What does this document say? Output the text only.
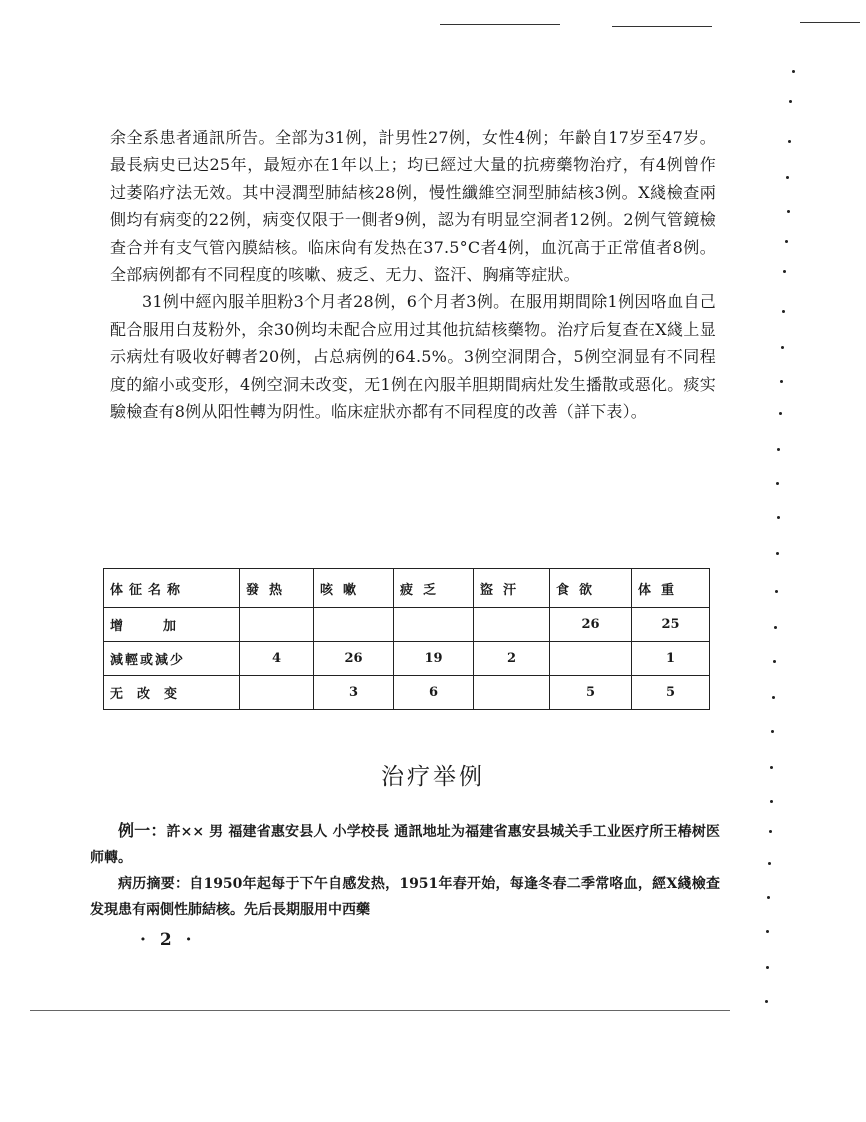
余全系患者通訊所告。全部为31例，計男性27例，女性4例；年齡自17岁至47岁。最長病史已达25年，最短亦在1年以上；均已經过大量的抗痨藥物治疗，有4例曾作过萎陷疗法无效。其中浸潤型肺結核28例，慢性纖維空洞型肺結核3例。X綫檢查兩側均有病变的22例，病变仅限于一側者9例，認为有明显空洞者12例。2例气管鏡檢查合并有支气管內膜結核。临床尙有发热在37.5°C者4例，血沉高于正常值者8例。全部病例都有不同程度的咳嗽、疲乏、无力、盜汗、胸痛等症狀。

31例中經內服羊胆粉3个月者28例，6个月者3例。在服用期間除1例因咯血自己配合服用白芨粉外，余30例均未配合应用过其他抗結核藥物。治疗后复查在X綫上显示病灶有吸收好轉者20例，占总病例的64.5%。3例空洞閉合，5例空洞显有不同程度的縮小或变形，4例空洞未改变，无1例在內服羊胆期間病灶发生播散或惡化。痰实驗檢查有8例从阳性轉为阴性。临床症狀亦都有不同程度的改善（詳下表）。

体征名称	發热	咳嗽	疲乏	盜汗	食欲	体重
增加					26	25
減輕或減少	4	26	19	2		1
无改变		3	6		5	5
治疗举例

例一：許×× 男 福建省惠安县人 小学校長 通訊地址为福建省惠安县城关手工业医疗所王椿树医师轉。

病历摘要：自1950年起每于下午自感发热，1951年春开始，每逢冬春二季常咯血，經X綫檢查发現患有兩側性肺結核。先后長期服用中西藥

· 2 ·
